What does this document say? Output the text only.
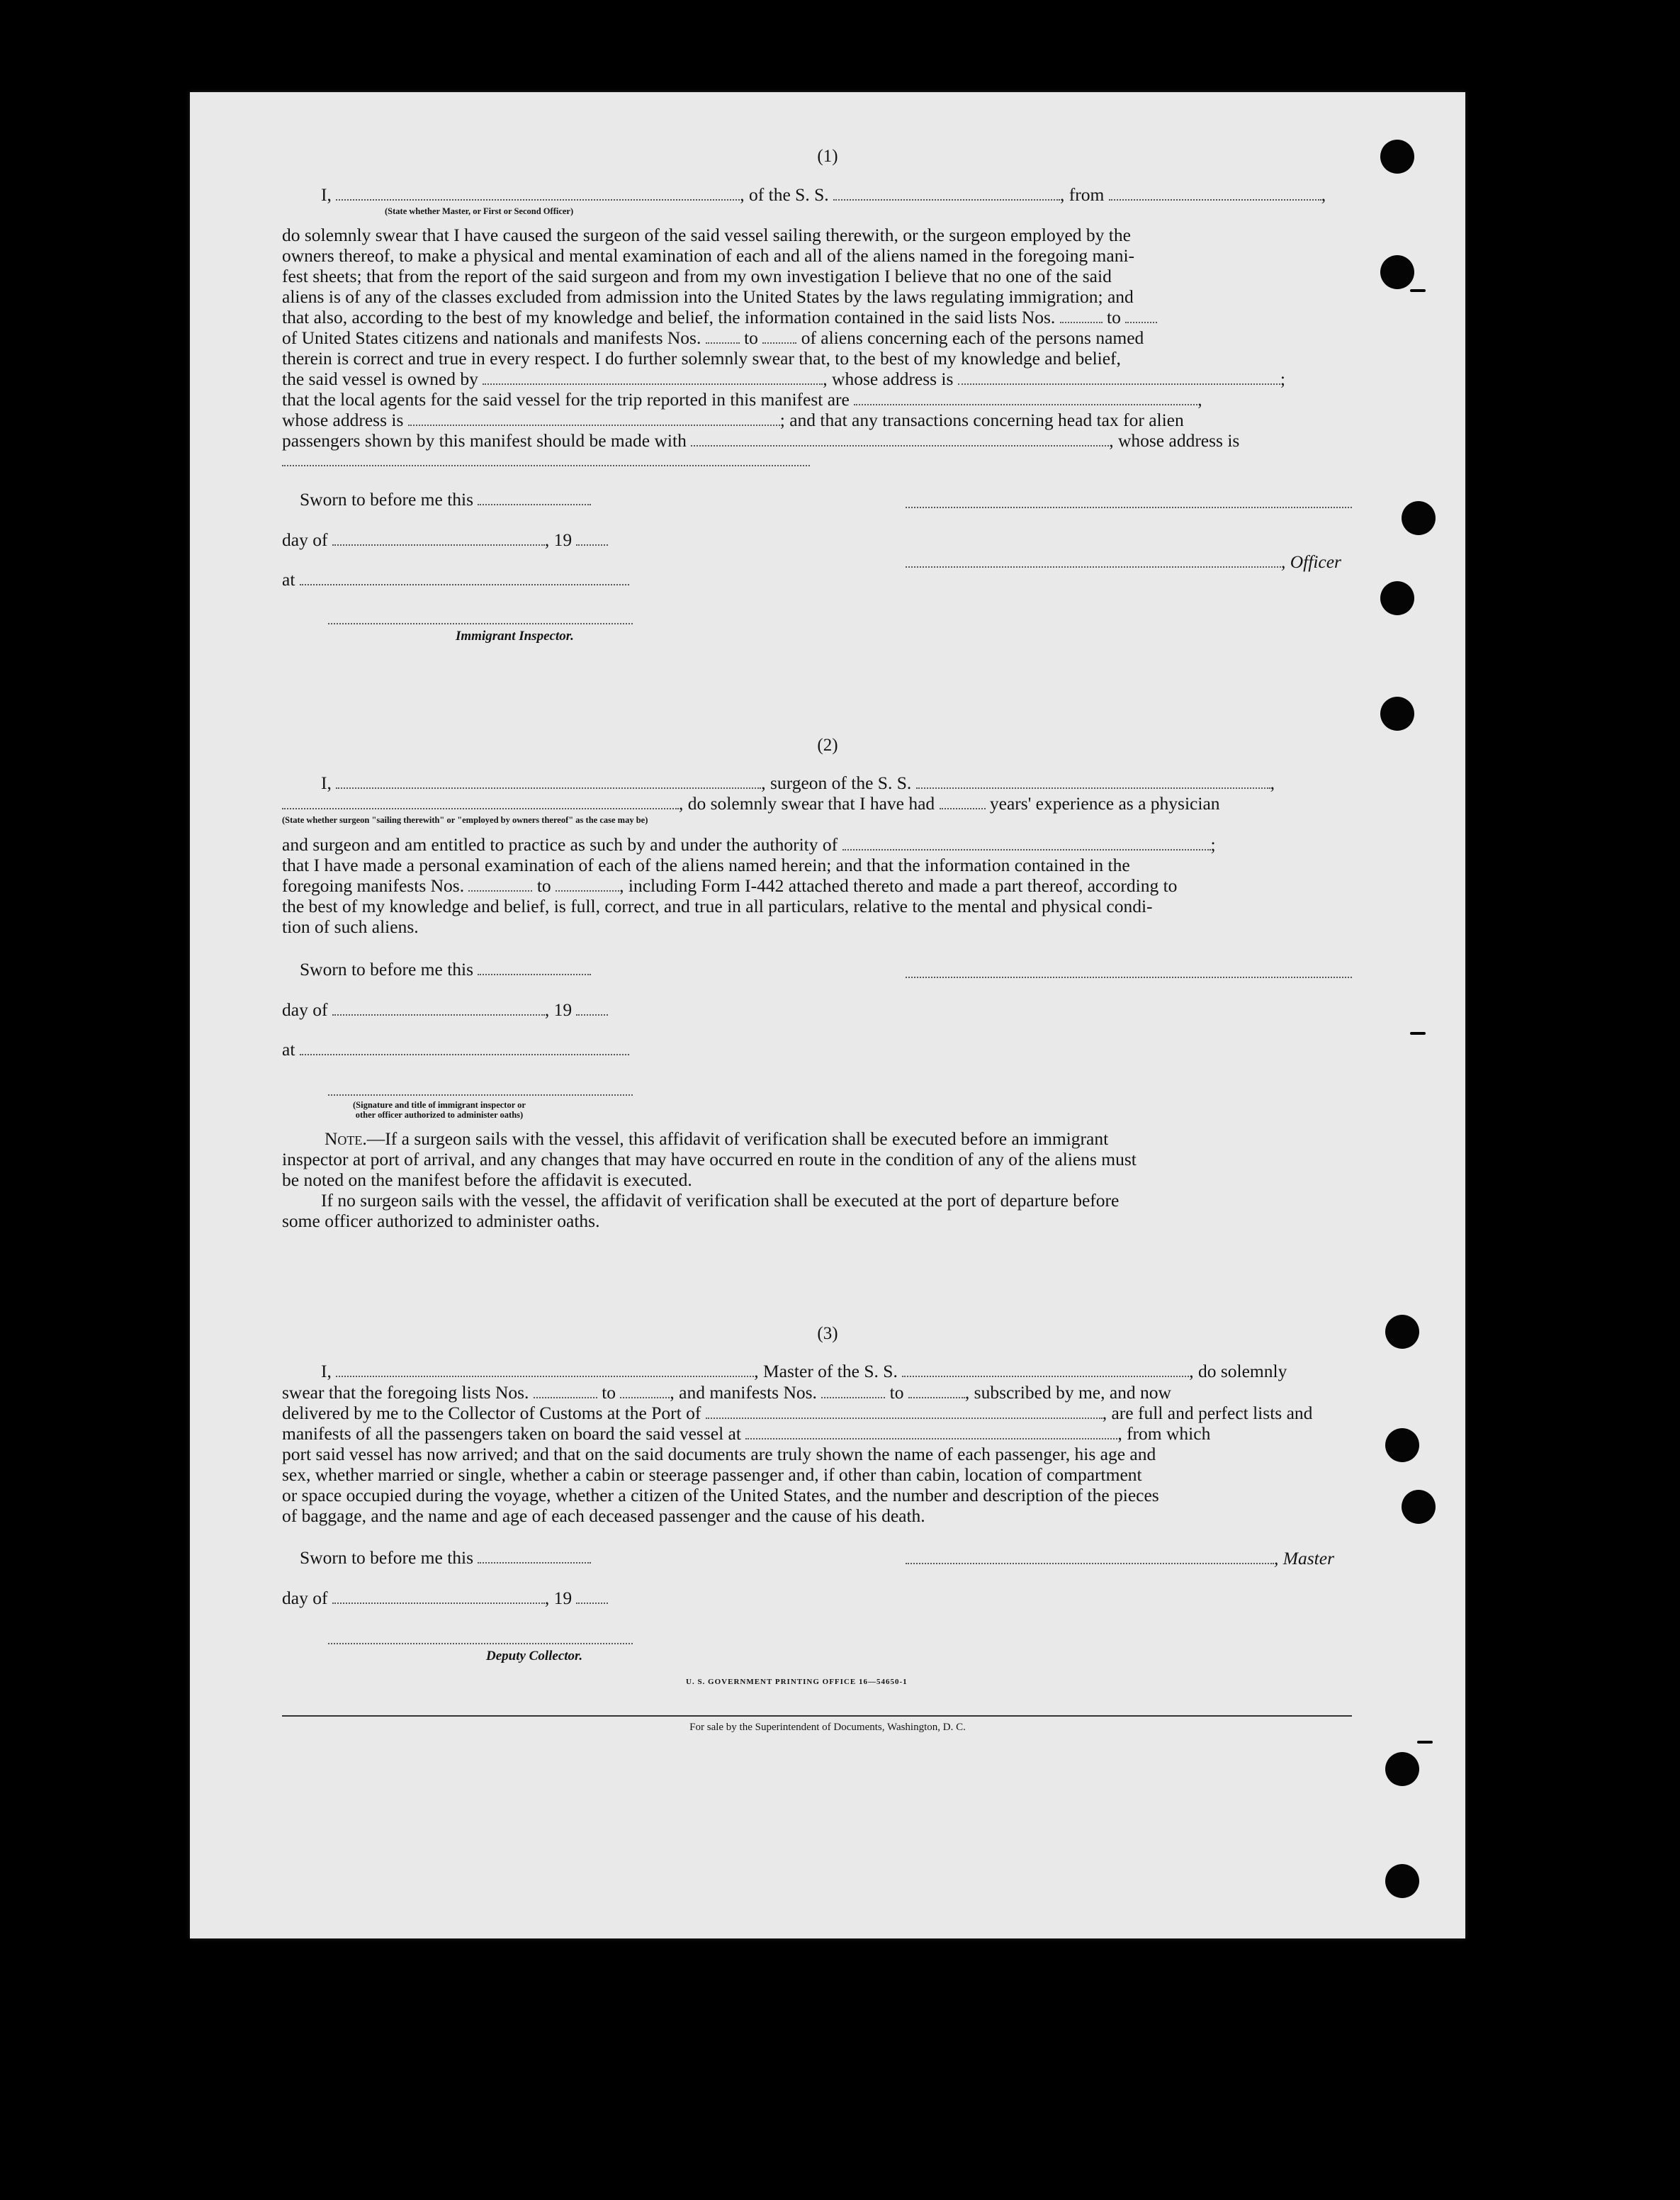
(1)
I,	, of the S. S.	, from	,
(State whether Master, or First or Second Officer)
do solemnly swear that I have caused the surgeon of the said vessel sailing therewith, or the surgeon employed by the
owners thereof, to make a physical and mental examination of each and all of the aliens named in the foregoing mani-
fest sheets; that from the report of the said surgeon and from my own investigation I believe that no one of the said
aliens is of any of the classes excluded from admission into the United States by the laws regulating immigration; and
that also, according to the best of my knowledge and belief, the information contained in the said lists Nos.	to
of United States citizens and nationals and manifests Nos. to of aliens concerning each of the persons named
therein is correct and true in every respect. I do further solemnly swear that, to the best of my knowledge and belief,
the said vessel is owned by	, whose address is	;
that the local agents for the said vessel for the trip reported in this manifest are	,
whose address is	; and that any transactions concerning head tax for alien
passengers shown by this manifest should be made with	, whose address is
Sworn to before me this
day of	, 19
at
Immigrant Inspector.
, Officer
(2)
I,	, surgeon of the S. S.	,
, do solemnly swear that I have had	years' experience as a physician
(State whether surgeon "sailing therewith" or "employed by owners thereof" as the case may be)
and surgeon and am entitled to practice as such by and under the authority of	;
that I have made a personal examination of each of the aliens named herein; and that the information contained in the
foregoing manifests Nos.	to	, including Form I-442 attached thereto and made a part thereof, according to
the best of my knowledge and belief, is full, correct, and true in all particulars, relative to the mental and physical condi-
tion of such aliens.
Sworn to before me this
day of	, 19
at
(Signature and title of immigrant inspector or
other officer authorized to administer oaths)
Note.—If a surgeon sails with the vessel, this affidavit of verification shall be executed before an immigrant
inspector at port of arrival, and any changes that may have occurred en route in the condition of any of the aliens must
be noted on the manifest before the affidavit is executed.
If no surgeon sails with the vessel, the affidavit of verification shall be executed at the port of departure before
some officer authorized to administer oaths.
(3)
I,	, Master of the S. S.	, do solemnly
swear that the foregoing lists Nos.	to	, and manifests Nos.	to	, subscribed by me, and now
delivered by me to the Collector of Customs at the Port of	, are full and perfect lists and
manifests of all the passengers taken on board the said vessel at	, from which
port said vessel has now arrived; and that on the said documents are truly shown the name of each passenger, his age and
sex, whether married or single, whether a cabin or steerage passenger and, if other than cabin, location of compartment
or space occupied during the voyage, whether a citizen of the United States, and the number and description of the pieces
of baggage, and the name and age of each deceased passenger and the cause of his death.
Sworn to before me this
day of	, 19
Deputy Collector.
, Master
U. S. GOVERNMENT PRINTING OFFICE 16—54650-1
For sale by the Superintendent of Documents, Washington, D. C.
